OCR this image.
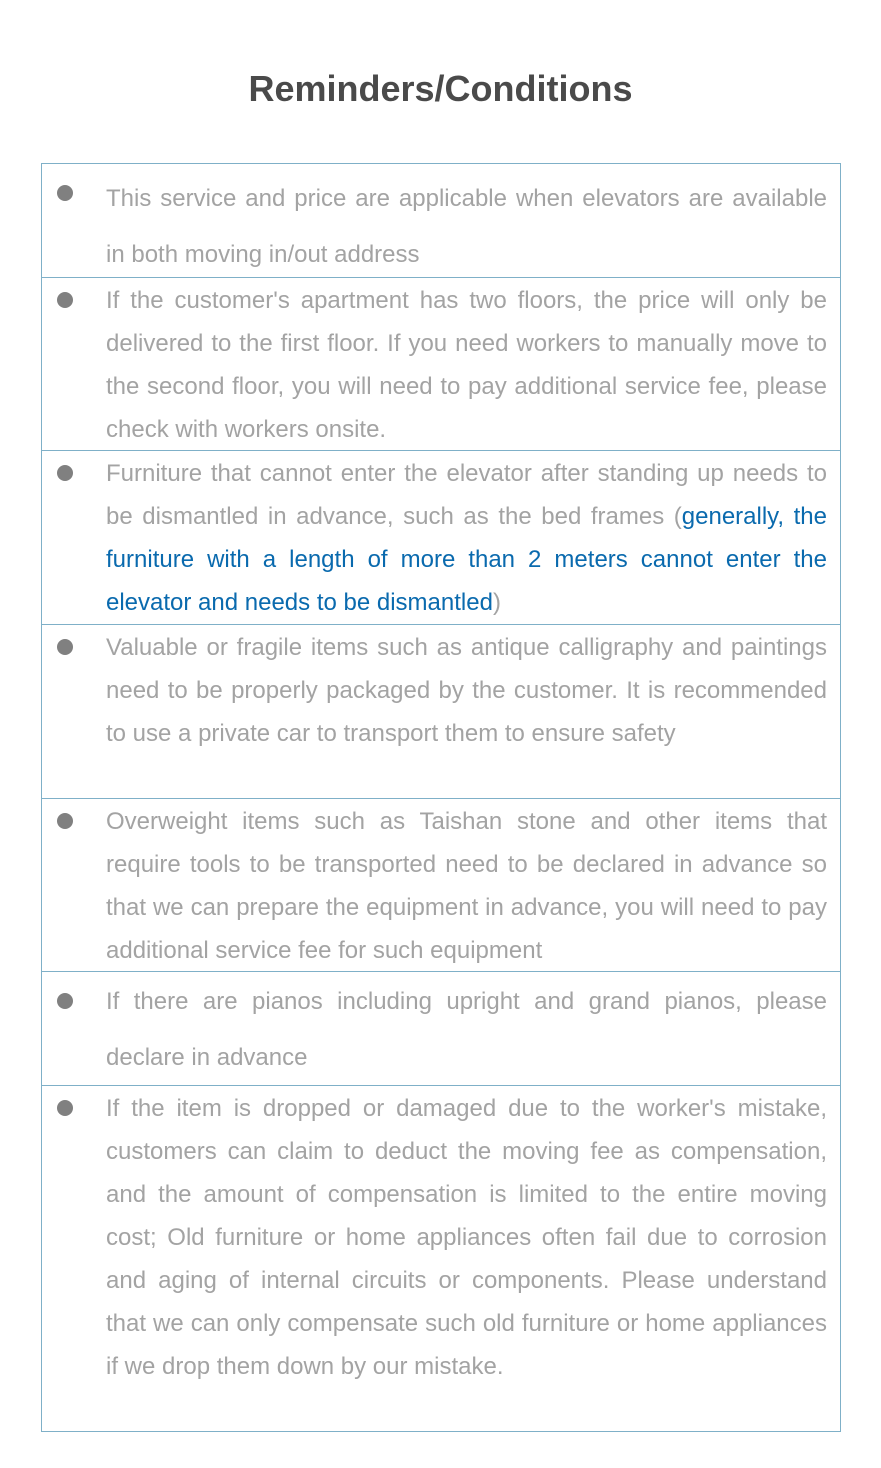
Reminders/Conditions

This service and price are applicable when elevators are available in both moving in/out address

If the customer's apartment has two floors, the price will only be delivered to the first floor. If you need workers to manually move to the second floor, you will need to pay additional service fee, please check with workers onsite.

Furniture that cannot enter the elevator after standing up needs to be dismantled in advance, such as the bed frames (generally, the furniture with a length of more than 2 meters cannot enter the elevator and needs to be dismantled)

Valuable or fragile items such as antique calligraphy and paintings need to be properly packaged by the customer. It is recommended to use a private car to transport them to ensure safety

Overweight items such as Taishan stone and other items that require tools to be transported need to be declared in advance so that we can prepare the equipment in advance, you will need to pay additional service fee for such equipment

If there are pianos including upright and grand pianos, please declare in advance

If the item is dropped or damaged due to the worker's mistake, customers can claim to deduct the moving fee as compensation, and the amount of compensation is limited to the entire moving cost; Old furniture or home appliances often fail due to corrosion and aging of internal circuits or components. Please understand that we can only compensate such old furniture or home appliances if we drop them down by our mistake.
